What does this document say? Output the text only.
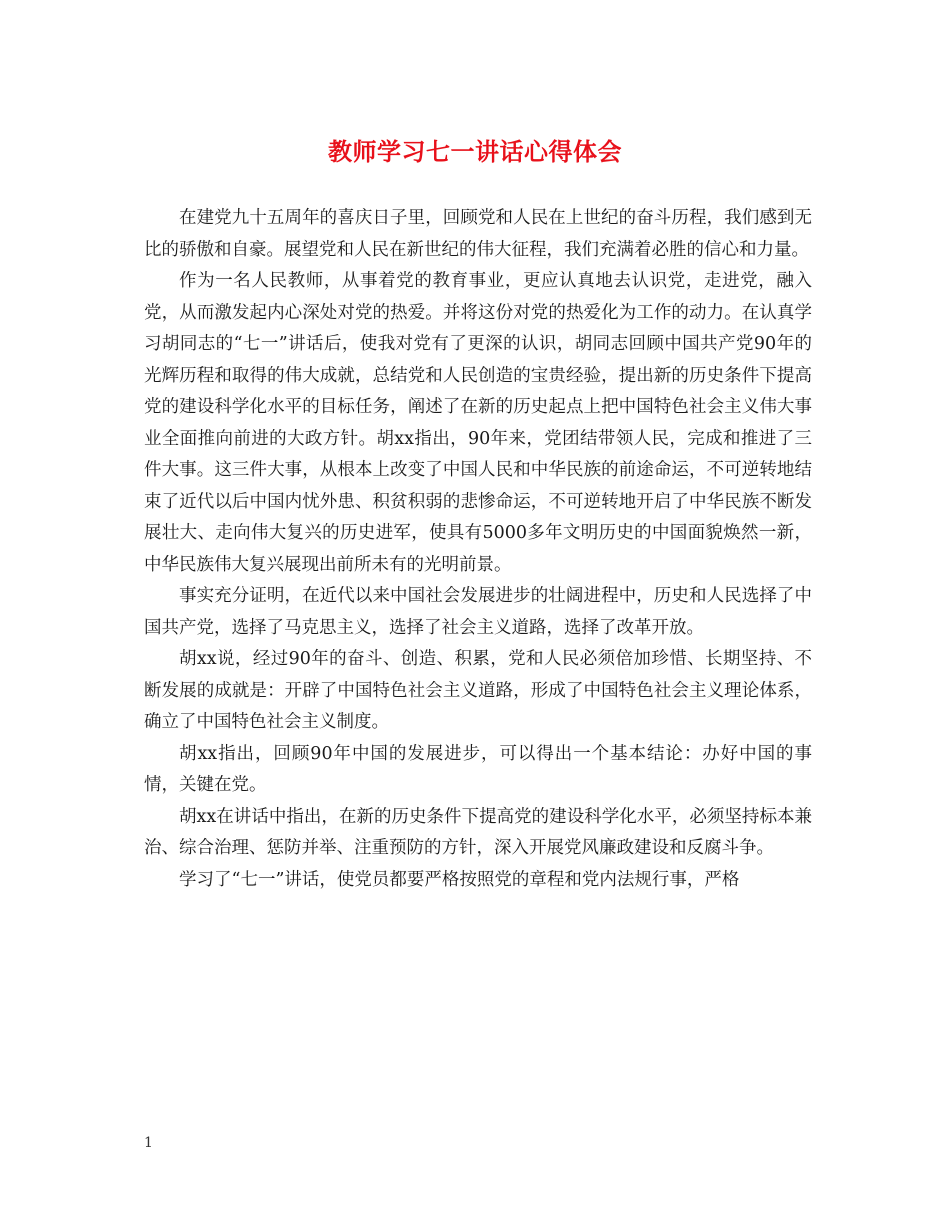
教师学习七一讲话心得体会

在建党九十五周年的喜庆日子里，回顾党和人民在上世纪的奋斗历程，我们感到无比的骄傲和自豪。展望党和人民在新世纪的伟大征程，我们充满着必胜的信心和力量。

作为一名人民教师，从事着党的教育事业，更应认真地去认识党，走进党，融入党，从而激发起内心深处对党的热爱。并将这份对党的热爱化为工作的动力。在认真学习胡同志的“七一”讲话后，使我对党有了更深的认识，胡同志回顾中国共产党90年的光辉历程和取得的伟大成就，总结党和人民创造的宝贵经验，提出新的历史条件下提高党的建设科学化水平的目标任务，阐述了在新的历史起点上把中国特色社会主义伟大事业全面推向前进的大政方针。胡xx指出，90年来，党团结带领人民，完成和推进了三件大事。这三件大事，从根本上改变了中国人民和中华民族的前途命运，不可逆转地结束了近代以后中国内忧外患、积贫积弱的悲惨命运，不可逆转地开启了中华民族不断发展壮大、走向伟大复兴的历史进军，使具有5000多年文明历史的中国面貌焕然一新，中华民族伟大复兴展现出前所未有的光明前景。

事实充分证明，在近代以来中国社会发展进步的壮阔进程中，历史和人民选择了中国共产党，选择了马克思主义，选择了社会主义道路，选择了改革开放。

胡xx说，经过90年的奋斗、创造、积累，党和人民必须倍加珍惜、长期坚持、不断发展的成就是：开辟了中国特色社会主义道路，形成了中国特色社会主义理论体系，确立了中国特色社会主义制度。

胡xx指出，回顾90年中国的发展进步，可以得出一个基本结论：办好中国的事情，关键在党。

胡xx在讲话中指出，在新的历史条件下提高党的建设科学化水平，必须坚持标本兼治、综合治理、惩防并举、注重预防的方针，深入开展党风廉政建设和反腐斗争。

学习了“七一”讲话，使党员都要严格按照党的章程和党内法规行事，严格

1
